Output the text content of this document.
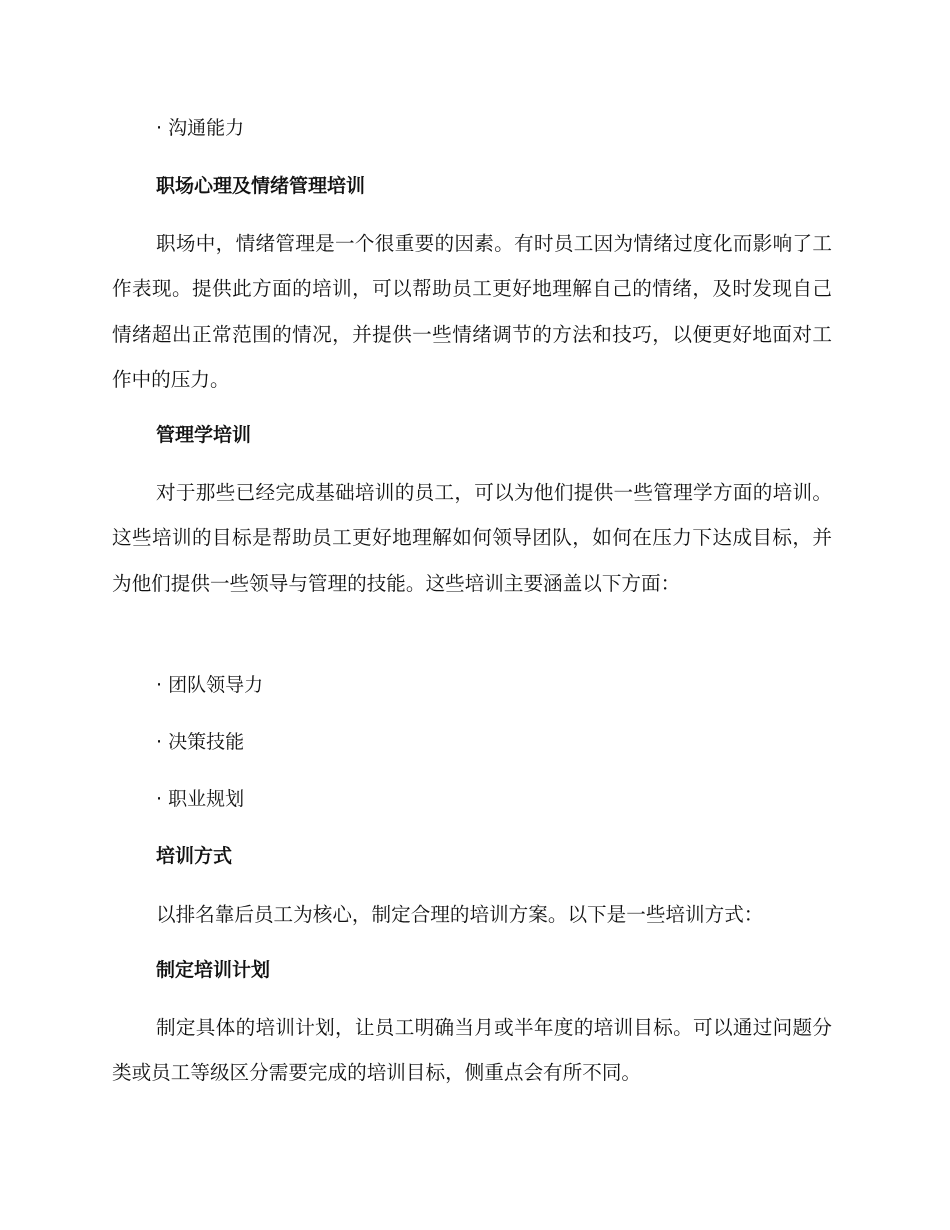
· 沟通能力
职场心理及情绪管理培训
职场中，情绪管理是一个很重要的因素。有时员工因为情绪过度化而影响了工作表现。提供此方面的培训，可以帮助员工更好地理解自己的情绪，及时发现自己情绪超出正常范围的情况，并提供一些情绪调节的方法和技巧，以便更好地面对工作中的压力。
管理学培训
对于那些已经完成基础培训的员工，可以为他们提供一些管理学方面的培训。这些培训的目标是帮助员工更好地理解如何领导团队，如何在压力下达成目标，并为他们提供一些领导与管理的技能。这些培训主要涵盖以下方面：
· 团队领导力
· 决策技能
· 职业规划
培训方式
以排名靠后员工为核心，制定合理的培训方案。以下是一些培训方式：
制定培训计划
制定具体的培训计划，让员工明确当月或半年度的培训目标。可以通过问题分类或员工等级区分需要完成的培训目标，侧重点会有所不同。
